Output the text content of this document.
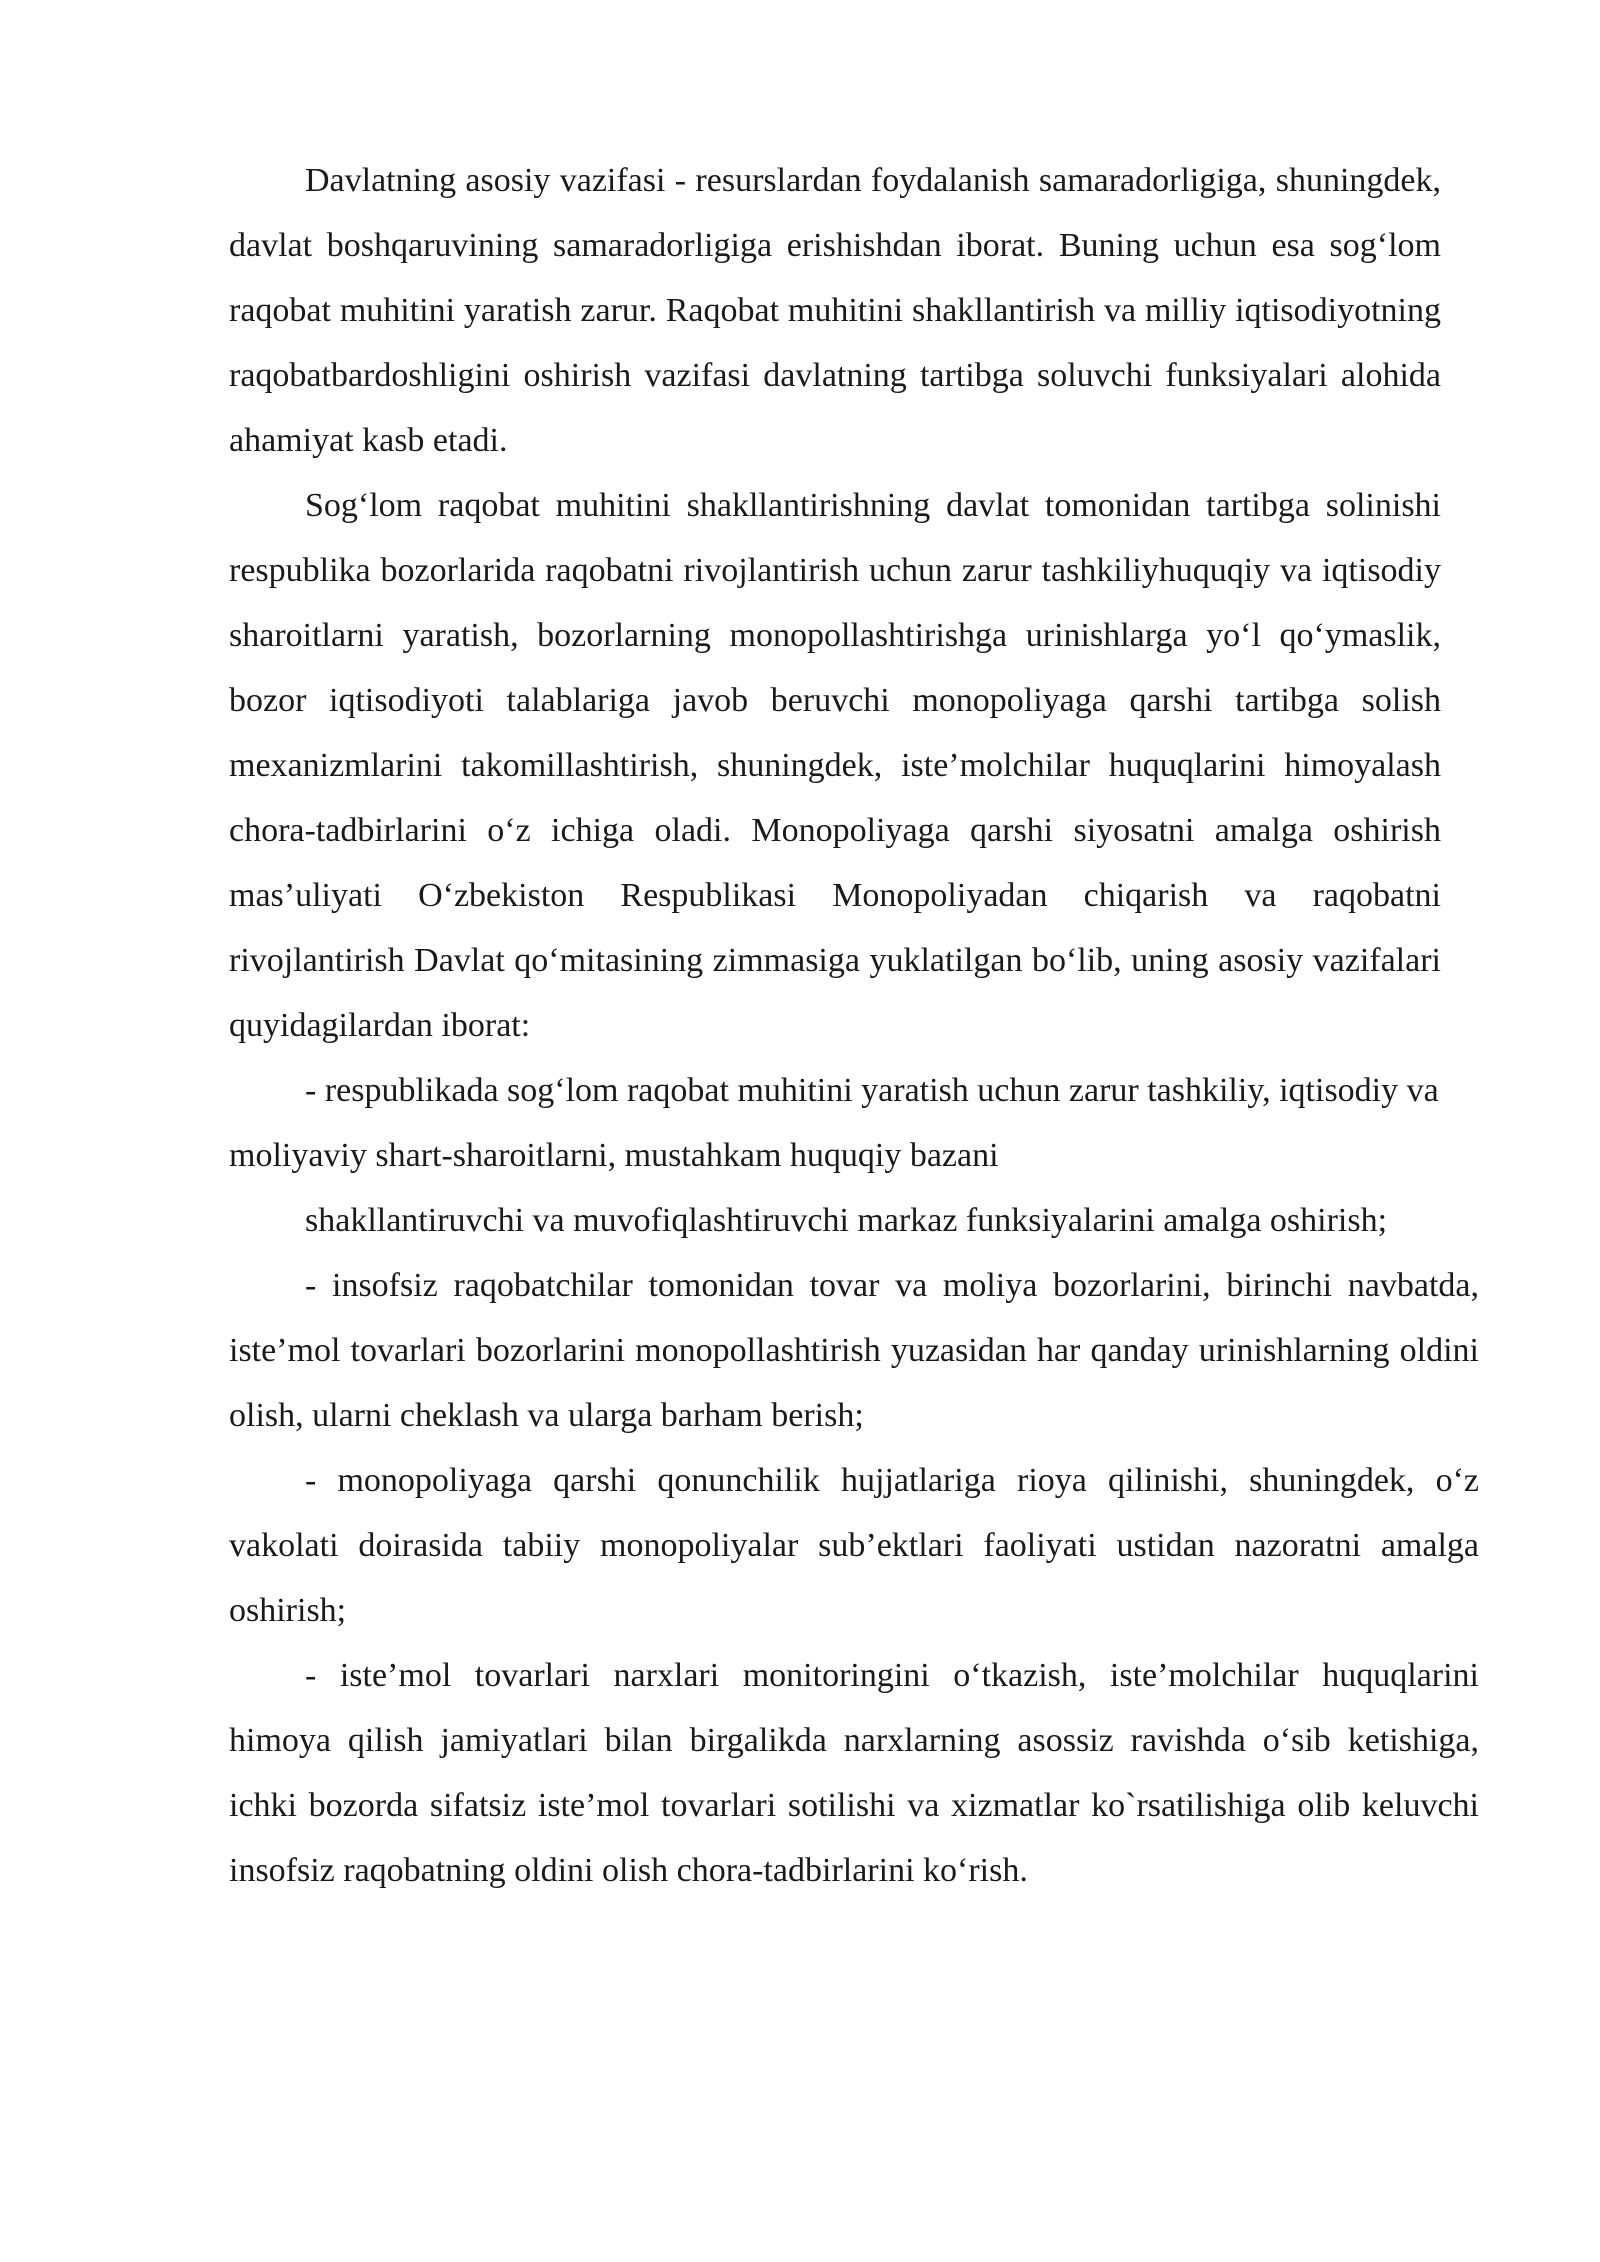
Davlatning asosiy vazifasi - resurslardan foydalanish samaradorligiga, shuningdek, davlat boshqaruvining samaradorligiga erishishdan iborat. Buning uchun esa sog‘lom raqobat muhitini yaratish zarur. Raqobat muhitini shakllantirish va milliy iqtisodiyotning raqobatbardoshligini oshirish vazifasi davlatning tartibga soluvchi funksiyalari alohida ahamiyat kasb etadi.

Sog‘lom raqobat muhitini shakllantirishning davlat tomonidan tartibga solinishi respublika bozorlarida raqobatni rivojlantirish uchun zarur tashkiliyhuquqiy va iqtisodiy sharoitlarni yaratish, bozorlarning monopollashtirishga urinishlarga yo‘l qo‘ymaslik, bozor iqtisodiyoti talablariga javob beruvchi monopoliyaga qarshi tartibga solish mexanizmlarini takomillashtirish, shuningdek, iste’molchilar huquqlarini himoyalash chora-tadbirlarini o‘z ichiga oladi. Monopoliyaga qarshi siyosatni amalga oshirish mas’uliyati O‘zbekiston Respublikasi Monopoliyadan chiqarish va raqobatni rivojlantirish Davlat qo‘mitasining zimmasiga yuklatilgan bo‘lib, uning asosiy vazifalari quyidagilardan iborat:

- respublikada sog‘lom raqobat muhitini yaratish uchun zarur tashkiliy, iqtisodiy va moliyaviy shart-sharoitlarni, mustahkam huquqiy bazani

shakllantiruvchi va muvofiqlashtiruvchi markaz funksiyalarini amalga oshirish;

- insofsiz raqobatchilar tomonidan tovar va moliya bozorlarini, birinchi navbatda, iste’mol tovarlari bozorlarini monopollashtirish yuzasidan har qanday urinishlarning oldini olish, ularni cheklash va ularga barham berish;

- monopoliyaga qarshi qonunchilik hujjatlariga rioya qilinishi, shuningdek, o‘z vakolati doirasida tabiiy monopoliyalar sub’ektlari faoliyati ustidan nazoratni amalga oshirish;

- iste’mol tovarlari narxlari monitoringini o‘tkazish, iste’molchilar huquqlarini himoya qilish jamiyatlari bilan birgalikda narxlarning asossiz ravishda o‘sib ketishiga, ichki bozorda sifatsiz iste’mol tovarlari sotilishi va xizmatlar ko`rsatilishiga olib keluvchi insofsiz raqobatning oldini olish chora-tadbirlarini ko‘rish.
